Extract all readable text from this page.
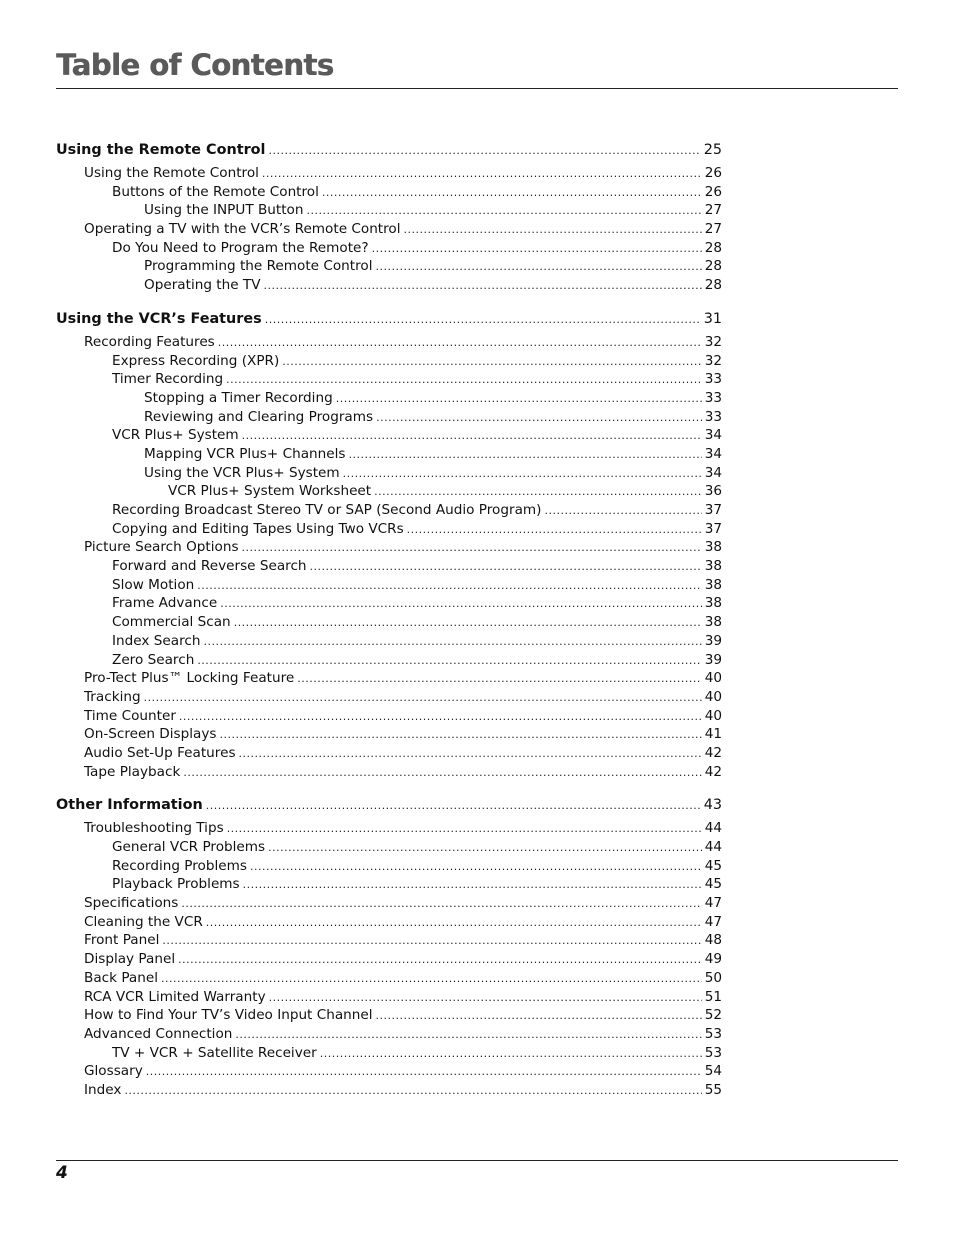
Table of Contents
Using the Remote Control .....	25
Using the Remote Control .....	26
Buttons of the Remote Control .....	26
Using the INPUT Button .....	27
Operating a TV with the VCR’s Remote Control .....	27
Do You Need to Program the Remote? .....	28
Programming the Remote Control .....	28
Operating the TV .....	28
Using the VCR’s Features .....	31
Recording Features .....	32
Express Recording (XPR) .....	32
Timer Recording .....	33
Stopping a Timer Recording .....	33
Reviewing and Clearing Programs .....	33
VCR Plus+ System .....	34
Mapping VCR Plus+ Channels .....	34
Using the VCR Plus+ System .....	34
VCR Plus+ System Worksheet .....	36
Recording Broadcast Stereo TV or SAP (Second Audio Program) .....	37
Copying and Editing Tapes Using Two VCRs .....	37
Picture Search Options .....	38
Forward and Reverse Search .....	38
Slow Motion .....	38
Frame Advance .....	38
Commercial Scan .....	38
Index Search .....	39
Zero Search .....	39
Pro-Tect Plus™ Locking Feature .....	40
Tracking .....	40
Time Counter .....	40
On-Screen Displays .....	41
Audio Set-Up Features .....	42
Tape Playback .....	42
Other Information .....	43
Troubleshooting Tips .....	44
General VCR Problems .....	44
Recording Problems .....	45
Playback Problems .....	45
Specifications .....	47
Cleaning the VCR .....	47
Front Panel .....	48
Display Panel .....	49
Back Panel .....	50
RCA VCR Limited Warranty .....	51
How to Find Your TV’s Video Input Channel .....	52
Advanced Connection .....	53
TV + VCR + Satellite Receiver .....	53
Glossary .....	54
Index .....	55
4
